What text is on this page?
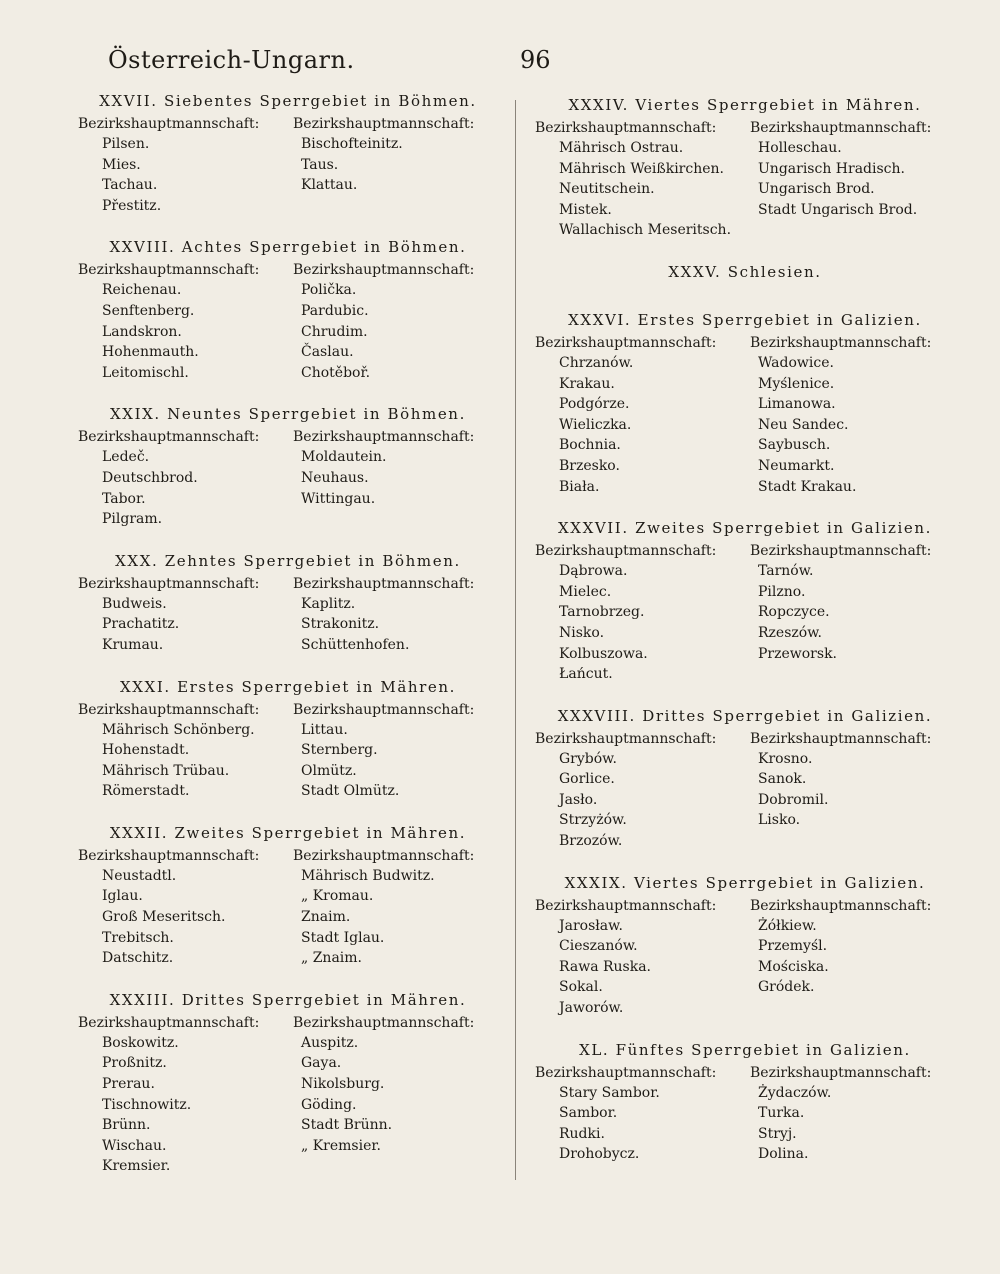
Österreich-Ungarn.	96
XXVII. Siebentes Sperrgebiet in Böhmen.
Bezirkshauptmannschaft:
Pilsen.
Mies.
Tachau.
Přestitz.
Bezirkshauptmannschaft:
Bischofteinitz.
Taus.
Klattau.
XXVIII. Achtes Sperrgebiet in Böhmen.
Bezirkshauptmannschaft:
Reichenau.
Senftenberg.
Landskron.
Hohenmauth.
Leitomischl.
Bezirkshauptmannschaft:
Polička.
Pardubic.
Chrudim.
Časlau.
Chotěboř.
XXIX. Neuntes Sperrgebiet in Böhmen.
Bezirkshauptmannschaft:
Ledeč.
Deutschbrod.
Tabor.
Pilgram.
Bezirkshauptmannschaft:
Moldautein.
Neuhaus.
Wittingau.
XXX. Zehntes Sperrgebiet in Böhmen.
Bezirkshauptmannschaft:
Budweis.
Prachatitz.
Krumau.
Bezirkshauptmannschaft:
Kaplitz.
Strakonitz.
Schüttenhofen.
XXXI. Erstes Sperrgebiet in Mähren.
Bezirkshauptmannschaft:
Mährisch Schönberg.
Hohenstadt.
Mährisch Trübau.
Römerstadt.
Bezirkshauptmannschaft:
Littau.
Sternberg.
Olmütz.
Stadt Olmütz.
XXXII. Zweites Sperrgebiet in Mähren.
Bezirkshauptmannschaft:
Neustadtl.
Iglau.
Groß Meseritsch.
Trebitsch.
Datschitz.
Bezirkshauptmannschaft:
Mährisch Budwitz.
„ Kromau.
Znaim.
Stadt Iglau.
„ Znaim.
XXXIII. Drittes Sperrgebiet in Mähren.
Bezirkshauptmannschaft:
Boskowitz.
Proßnitz.
Prerau.
Tischnowitz.
Brünn.
Wischau.
Kremsier.
Bezirkshauptmannschaft:
Auspitz.
Gaya.
Nikolsburg.
Göding.
Stadt Brünn.
„ Kremsier.
XXXIV. Viertes Sperrgebiet in Mähren.
Bezirkshauptmannschaft:
Mährisch Ostrau.
Mährisch Weißkirchen.
Neutitschein.
Mistek.
Wallachisch Meseritsch.
Bezirkshauptmannschaft:
Holleschau.
Ungarisch Hradisch.
Ungarisch Brod.
Stadt Ungarisch Brod.
XXXV. Schlesien.
XXXVI. Erstes Sperrgebiet in Galizien.
Bezirkshauptmannschaft:
Chrzanów.
Krakau.
Podgórze.
Wieliczka.
Bochnia.
Brzesko.
Biała.
Bezirkshauptmannschaft:
Wadowice.
Myślenice.
Limanowa.
Neu Sandec.
Saybusch.
Neumarkt.
Stadt Krakau.
XXXVII. Zweites Sperrgebiet in Galizien.
Bezirkshauptmannschaft:
Dąbrowa.
Mielec.
Tarnobrzeg.
Nisko.
Kolbuszowa.
Łańcut.
Bezirkshauptmannschaft:
Tarnów.
Pilzno.
Ropczyce.
Rzeszów.
Przeworsk.
XXXVIII. Drittes Sperrgebiet in Galizien.
Bezirkshauptmannschaft:
Grybów.
Gorlice.
Jasło.
Strzyżów.
Brzozów.
Bezirkshauptmannschaft:
Krosno.
Sanok.
Dobromil.
Lisko.
XXXIX. Viertes Sperrgebiet in Galizien.
Bezirkshauptmannschaft:
Jarosław.
Cieszanów.
Rawa Ruska.
Sokal.
Jaworów.
Bezirkshauptmannschaft:
Żółkiew.
Przemyśl.
Mościska.
Gródek.
XL. Fünftes Sperrgebiet in Galizien.
Bezirkshauptmannschaft:
Stary Sambor.
Sambor.
Rudki.
Drohobycz.
Bezirkshauptmannschaft:
Żydaczów.
Turka.
Stryj.
Dolina.
